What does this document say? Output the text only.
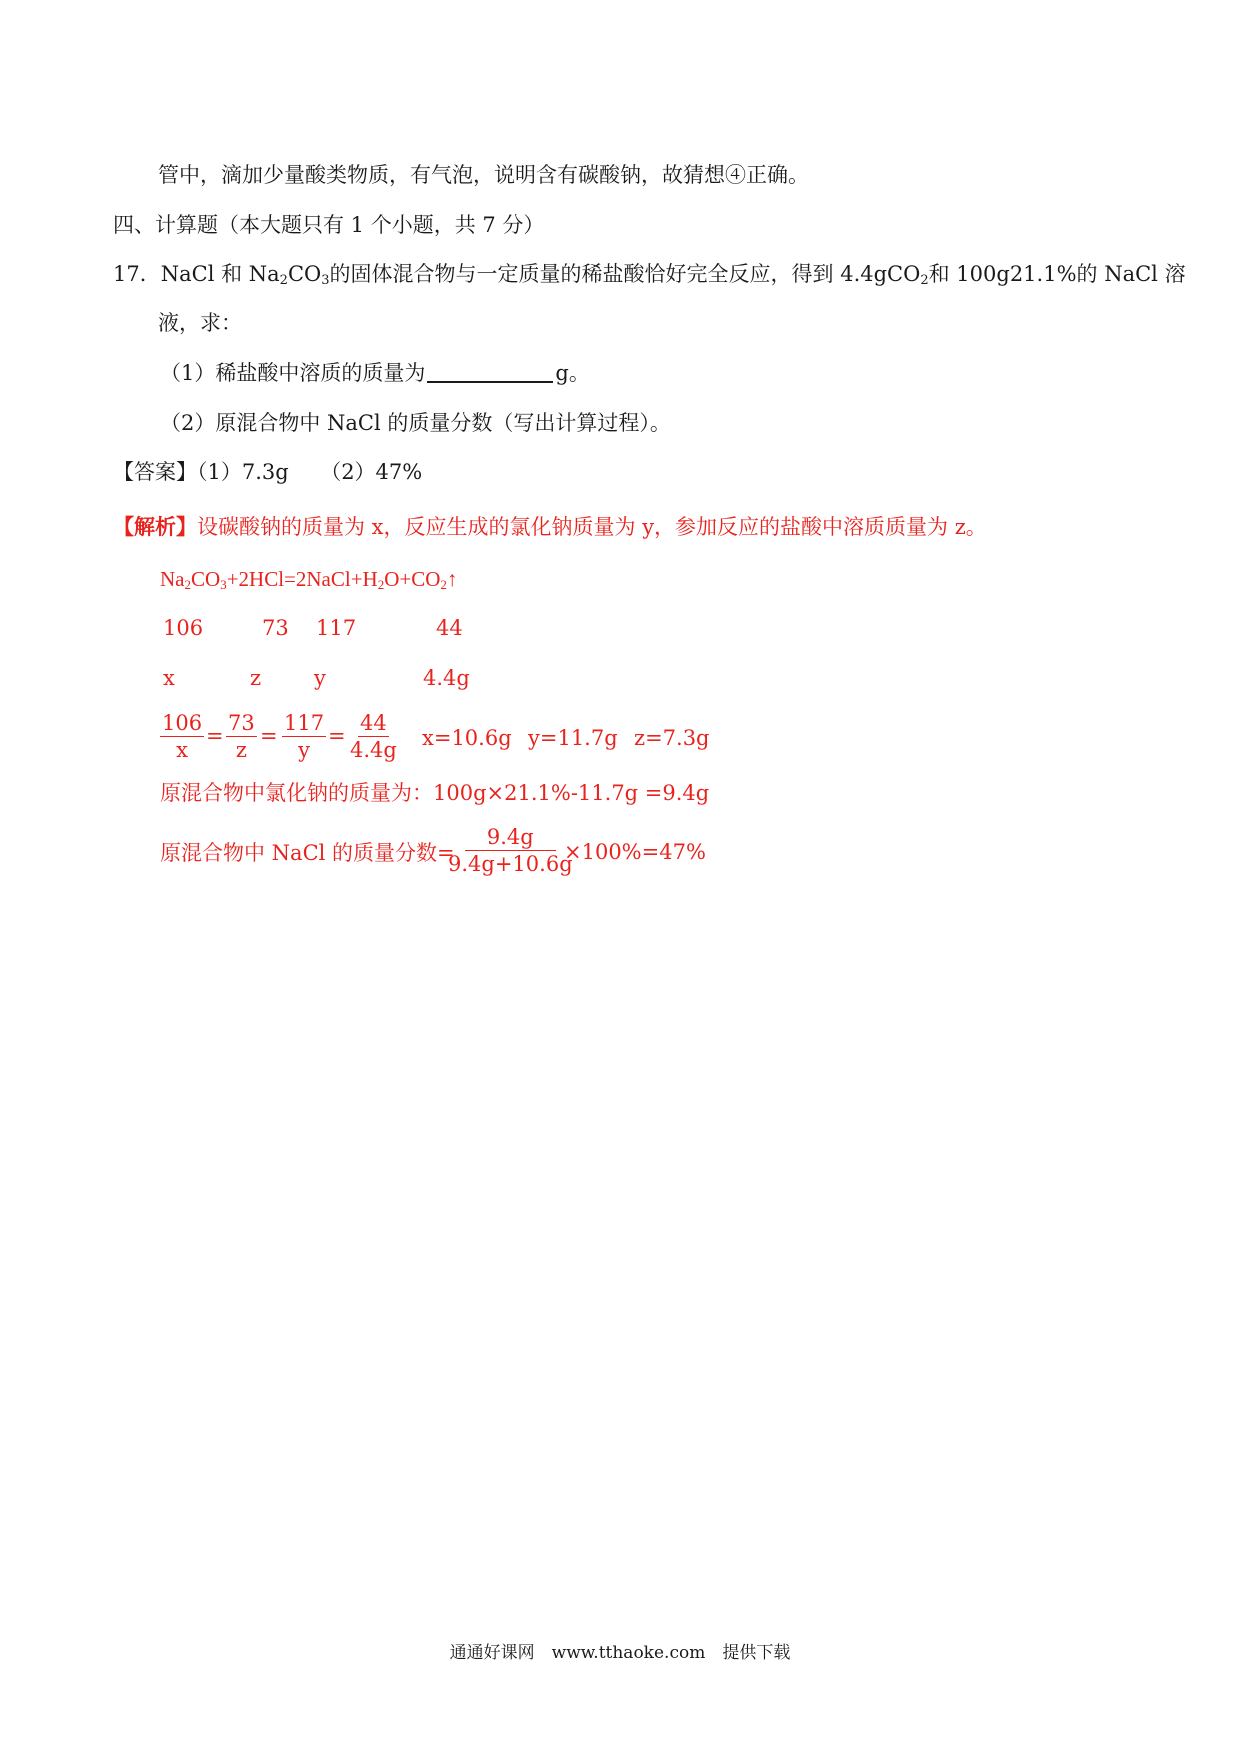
管中，滴加少量酸类物质，有气泡，说明含有碳酸钠，故猜想④正确。
四、计算题（本大题只有 1 个小题，共 7 分）
17．NaCl 和 $Na_2CO_3$的固体混合物与一定质量的稀盐酸恰好完全反应，得到 4.4gCO$_2$和 100g21.1%的 NaCl 溶
液，求：
（1）稀盐酸中溶质的质量为	g。
（2）原混合物中 NaCl 的质量分数（写出计算过程）。
【答案】（1）7.3g　　（2）47%
【解析】设碳酸钠的质量为 x，反应生成的氯化钠质量为 y，参加反应的盐酸中溶质质量为 z。
$Na_2CO_3+2HCl=2NaCl+H_2O+CO_2↑$
106	73 117	44
x	z	y	4.4g
$\frac{106}{x} = \frac{73}{z} = \frac{117}{y} = \frac{44}{4.4g} x=10.6g$ y=11.7g z=7.3g
原混合物中氯化钠的质量为：100g×21.1%-11.7g =9.4g
原混合物中 NaCl 的质量分数=
$\frac{9.4g}{9.4g+10.6g}$
×100%=47%
通通好课网　www.tthaoke.com　提供下载
